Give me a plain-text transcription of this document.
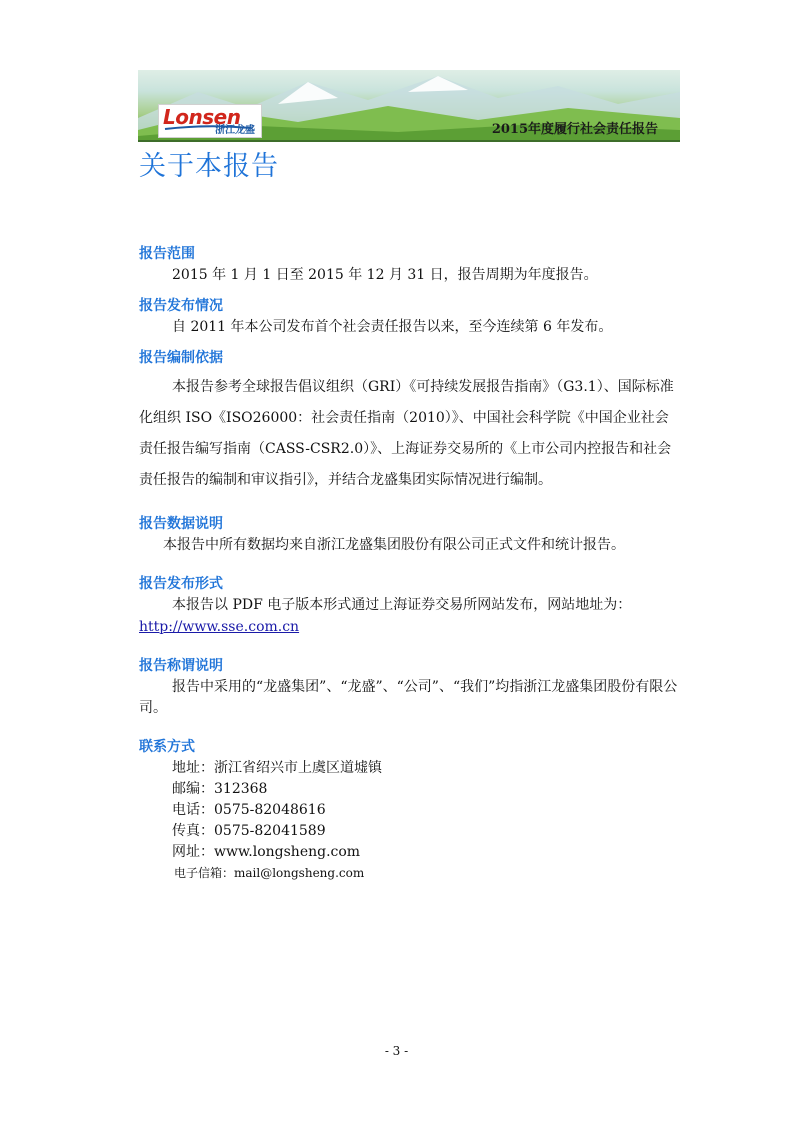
Lonsen
浙江龙盛	2015年度履行社会责任报告
关于本报告
报告范围

2015 年 1 月 1 日至 2015 年 12 月 31 日，报告周期为年度报告。

报告发布情况

自 2011 年本公司发布首个社会责任报告以来，至今连续第 6 年发布。

报告编制依据

本报告参考全球报告倡议组织（GRI）《可持续发展报告指南》（G3.1）、国际标准化组织 ISO《ISO26000：社会责任指南（2010）》、中国社会科学院《中国企业社会责任报告编写指南（CASS-CSR2.0）》、上海证券交易所的《上市公司内控报告和社会责任报告的编制和审议指引》，并结合龙盛集团实际情况进行编制。

报告数据说明

本报告中所有数据均来自浙江龙盛集团股份有限公司正式文件和统计报告。

报告发布形式

本报告以 PDF 电子版本形式通过上海证券交易所网站发布，网站地址为：

http://www.sse.com.cn
报告称谓说明

报告中采用的“龙盛集团”、“龙盛”、“公司”、“我们”均指浙江龙盛集团股份有限公司。

联系方式
地址：浙江省绍兴市上虞区道墟镇
邮编：312368
电话：0575-82048616
传真：0575-82041589
网址：www.longsheng.com
电子信箱：mail@longsheng.com
- 3 -
